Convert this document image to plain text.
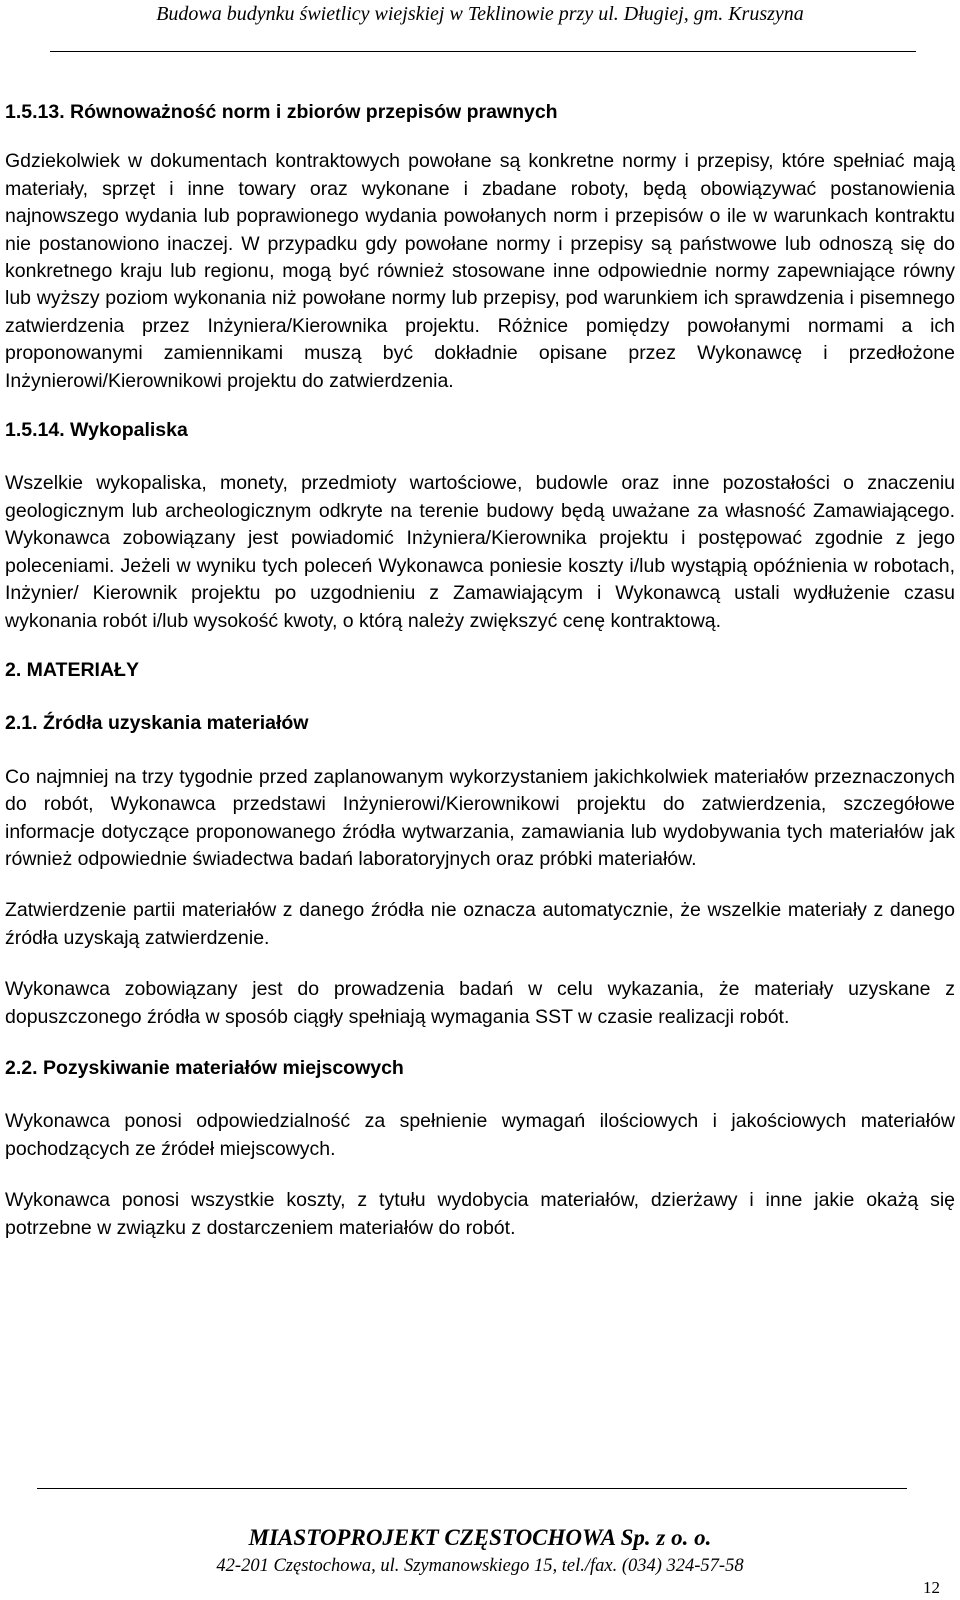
Budowa budynku świetlicy wiejskiej w Teklinowie przy ul. Długiej, gm. Kruszyna
1.5.13. Równoważność norm i zbiorów przepisów prawnych
Gdziekolwiek w dokumentach kontraktowych powołane są konkretne normy i przepisy, które spełniać mają materiały, sprzęt i inne towary oraz wykonane i zbadane roboty, będą obowiązywać postanowienia najnowszego wydania lub poprawionego wydania powołanych norm i przepisów o ile w warunkach kontraktu nie postanowiono inaczej. W przypadku gdy powołane normy i przepisy są państwowe lub odnoszą się do konkretnego kraju lub regionu, mogą być również stosowane inne odpowiednie normy zapewniające równy lub wyższy poziom wykonania niż powołane normy lub przepisy, pod warunkiem ich sprawdzenia i pisemnego zatwierdzenia przez Inżyniera/Kierownika projektu. Różnice pomiędzy powołanymi normami a ich proponowanymi zamiennikami muszą być dokładnie opisane przez Wykonawcę i przedłożone Inżynierowi/Kierownikowi projektu do zatwierdzenia.
1.5.14. Wykopaliska
Wszelkie wykopaliska, monety, przedmioty wartościowe, budowle oraz inne pozostałości o znaczeniu geologicznym lub archeologicznym odkryte na terenie budowy będą uważane za własność Zamawiającego. Wykonawca zobowiązany jest powiadomić Inżyniera/Kierownika projektu i postępować zgodnie z jego poleceniami. Jeżeli w wyniku tych poleceń Wykonawca poniesie koszty i/lub wystąpią opóźnienia w robotach, Inżynier/ Kierownik projektu po uzgodnieniu z Zamawiającym i Wykonawcą ustali wydłużenie czasu wykonania robót i/lub wysokość kwoty, o którą należy zwiększyć cenę kontraktową.
2. MATERIAŁY
2.1. Źródła uzyskania materiałów
Co najmniej na trzy tygodnie przed zaplanowanym wykorzystaniem jakichkolwiek materiałów przeznaczonych do robót, Wykonawca przedstawi Inżynierowi/Kierownikowi projektu do zatwierdzenia, szczegółowe informacje dotyczące proponowanego źródła wytwarzania, zamawiania lub wydobywania tych materiałów jak również odpowiednie świadectwa badań laboratoryjnych oraz próbki materiałów.
Zatwierdzenie partii materiałów z danego źródła nie oznacza automatycznie, że wszelkie materiały z danego źródła uzyskają zatwierdzenie.
Wykonawca zobowiązany jest do prowadzenia badań w celu wykazania, że materiały uzyskane z dopuszczonego źródła w sposób ciągły spełniają wymagania SST w czasie realizacji robót.
2.2. Pozyskiwanie materiałów miejscowych
Wykonawca ponosi odpowiedzialność za spełnienie wymagań ilościowych i jakościowych materiałów pochodzących ze źródeł miejscowych.
Wykonawca ponosi wszystkie koszty, z tytułu wydobycia materiałów, dzierżawy i inne jakie okażą się potrzebne w związku z dostarczeniem materiałów do robót.
MIASTOPROJEKT CZĘSTOCHOWA Sp. z o. o.
42-201 Częstochowa, ul. Szymanowskiego 15, tel./fax. (034) 324-57-58
12
